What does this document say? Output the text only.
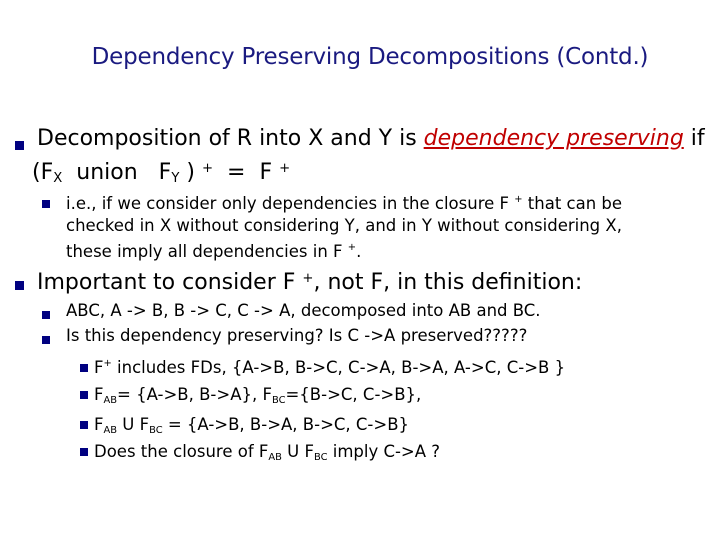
Dependency Preserving Decompositions (Contd.)
Decomposition of R into X and Y is dependency preserving if
($F_X$  union   $F_Y$ ) +  =  F +
i.e., if we consider only dependencies in the closure F + that can be
checked in X without considering Y, and in Y without considering X,
these imply all dependencies in F +.
Important to consider F +, not F, in this definition:
ABC, A -> B, B -> C, C -> A, decomposed into AB and BC.
Is this dependency preserving? Is C ->A preserved?????
F+ includes FDs, {A->B, B->C, C->A, B->A, A->C, C->B }
$F_{AB}= \{A->B$, B->A}, $F_{BC}=\{B->C$, C->B},
$F_{AB}$ U $F_{BC} = \{A->B$, B->A, B->C, C->B}
Does the closure of $F_{AB}$ U $F_{BC}$ imply C->A ?
